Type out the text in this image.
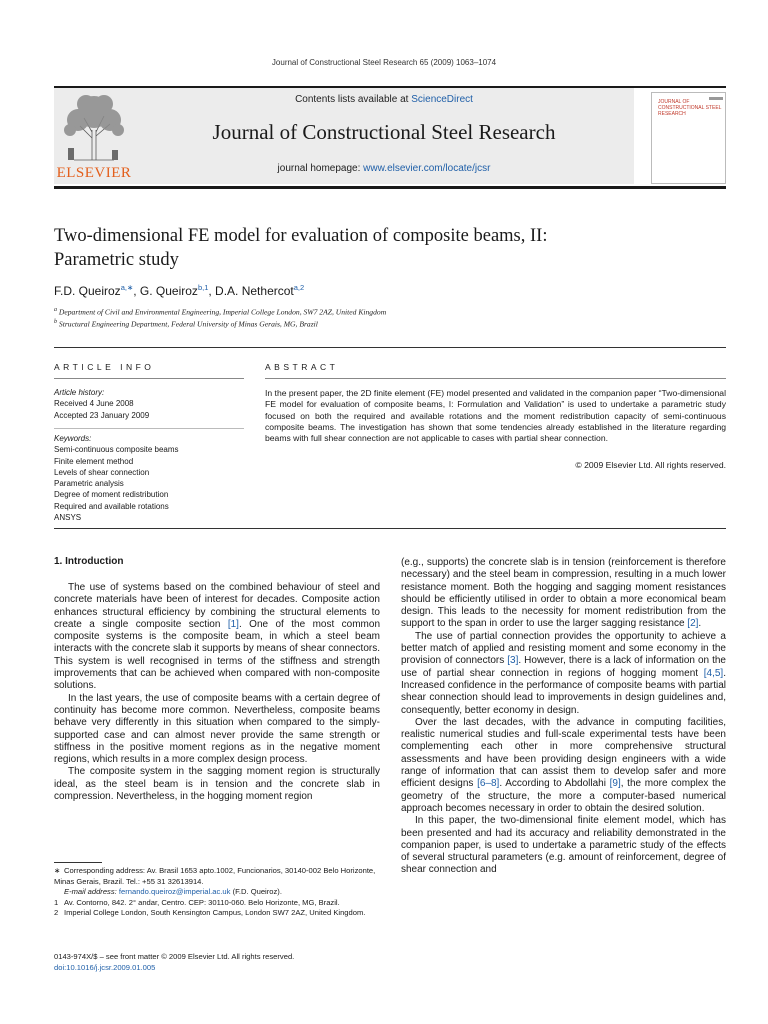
Journal of Constructional Steel Research 65 (2009) 1063–1074
ELSEVIER
Contents lists available at ScienceDirect
Journal of Constructional Steel Research
journal homepage: www.elsevier.com/locate/jcsr
JOURNAL OF CONSTRUCTIONAL STEEL RESEARCH
Two-dimensional FE model for evaluation of composite beams, II:
Parametric study
F.D. Queiroz$^{a,∗}$, G. Queiroz$^{b,1}$, D.A. Nethercot$^{a,2}$
$^a$ Department of Civil and Environmental Engineering, Imperial College London, SW7 2AZ, United Kingdom
$^b$ Structural Engineering Department, Federal University of Minas Gerais, MG, Brazil
ARTICLE INFO
Article history:
Received 4 June 2008
Accepted 23 January 2009
Keywords:
Semi-continuous composite beams
Finite element method
Levels of shear connection
Parametric analysis
Degree of moment redistribution
Required and available rotations
ANSYS
ABSTRACT
In the present paper, the 2D finite element (FE) model presented and validated in the companion paper “Two-dimensional FE model for evaluation of composite beams, I: Formulation and Validation” is used to undertake a parametric study focused on both the required and available rotations and the moment redistribution capacity of semi-continuous composite beams. The investigation has shown that some tendencies already established in the literature regarding beams with full shear connection are not applicable to cases with partial shear connection.
© 2009 Elsevier Ltd. All rights reserved.
1. Introduction

The use of systems based on the combined behaviour of steel and concrete materials have been of interest for decades. Composite action enhances structural efficiency by combining the structural elements to create a single composite section [1]. One of the most common composite systems is the composite beam, in which a steel beam interacts with the concrete slab it supports by means of shear connectors. This system is well recognised in terms of the stiffness and strength improvements that can be achieved when compared with non-composite solutions.

In the last years, the use of composite beams with a certain degree of continuity has become more common. Nevertheless, composite beams behave very differently in this situation when compared to the simply-supported case and can almost never provide the same strength or stiffness in the positive moment regions as in the negative moment regions, which results in a more complex design process.

The composite system in the sagging moment region is structurally ideal, as the steel beam is in tension and the concrete slab in compression. Nevertheless, in the hogging moment region

(e.g., supports) the concrete slab is in tension (reinforcement is therefore necessary) and the steel beam in compression, resulting in a much lower resistance moment. Both the hogging and sagging moment resistances should be efficiently utilised in order to obtain a more economical beam design. This leads to the necessity for moment redistribution from the support to the span in order to use the larger sagging resistance [2].

The use of partial connection provides the opportunity to achieve a better match of applied and resisting moment and some economy in the provision of connectors [3]. However, there is a lack of information on the use of partial shear connection in regions of hogging moment [4,5]. Increased confidence in the performance of composite beams with partial shear connection should lead to improvements in design guidelines and, consequently, better economy in design.

Over the last decades, with the advance in computing facilities, realistic numerical studies and full-scale experimental tests have been complementing each other in more comprehensive structural assessments and have been providing design engineers with a wide range of information that can assist them to develop safer and more efficient designs [6–8]. According to Abdollahi [9], the more complex the geometry of the structure, the more a computer-based numerical approach becomes necessary in order to obtain the desired solution.

In this paper, the two-dimensional finite element model, which has been presented and had its accuracy and reliability demonstrated in the companion paper, is used to undertake a parametric study of the effects of several structural parameters (e.g. amount of reinforcement, degree of shear connection and

∗ Corresponding address: Av. Brasil 1653 apto.1002, Funcionarios, 30140-002 Belo Horizonte, Minas Gerais, Brazil. Tel.: +55 31 32613914.
E-mail address: fernando.queiroz@imperial.ac.uk (F.D. Queiroz).
1 Av. Contorno, 842. 2° andar, Centro. CEP: 30110-060. Belo Horizonte, MG, Brazil.
2 Imperial College London, South Kensington Campus, London SW7 2AZ, United Kingdom.
0143-974X/$ – see front matter © 2009 Elsevier Ltd. All rights reserved.
doi:10.1016/j.jcsr.2009.01.005
